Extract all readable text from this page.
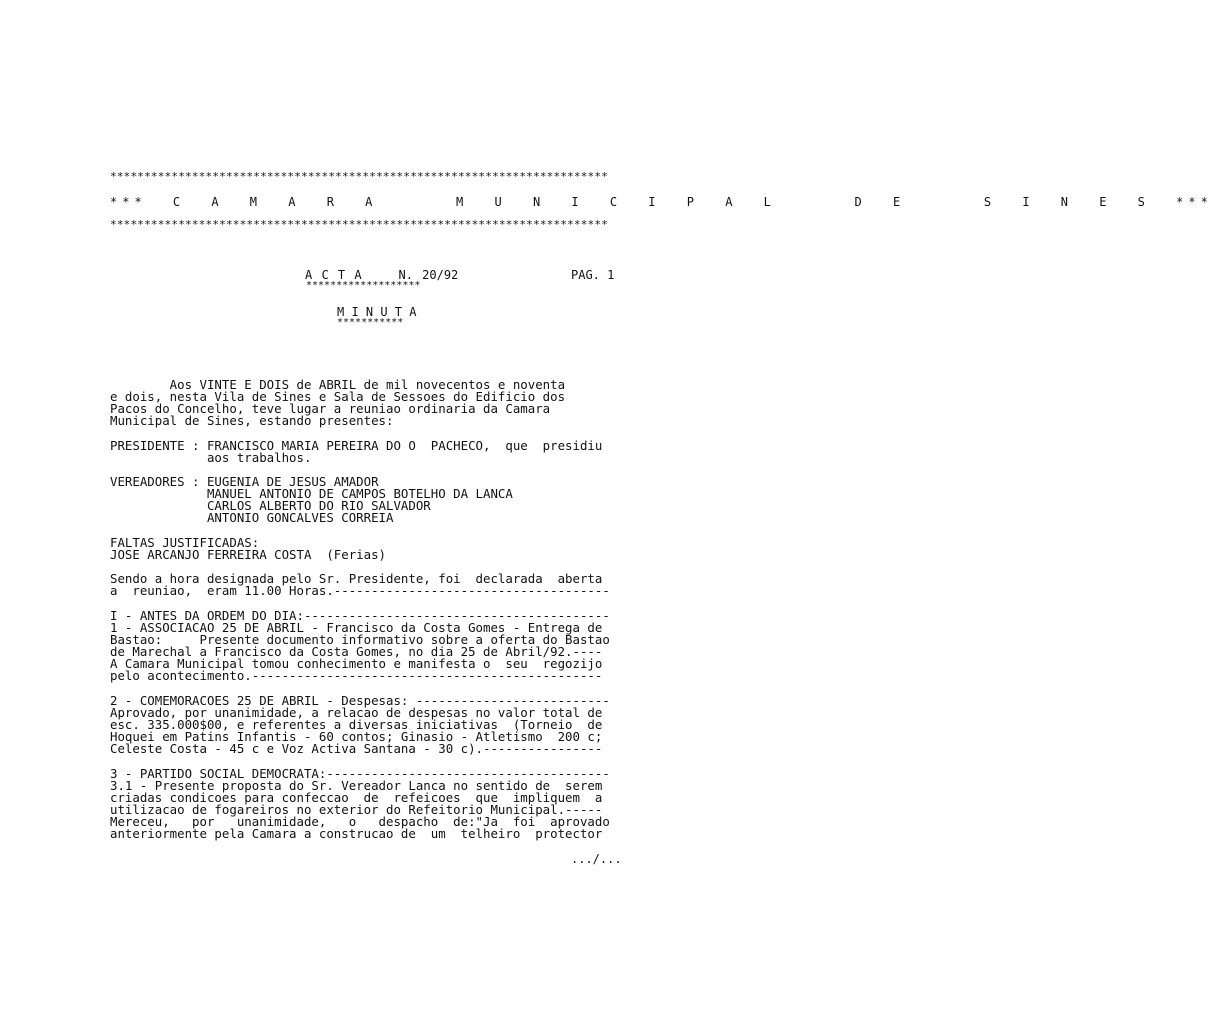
*************************************************************************
*** C A M A R A   M U N I C I P A L   D E   S I N E S ***
*************************************************************************
A C T A    N. 20/92
*******************
PAG. 1
M I N U T A
***********
Aos VINTE E DOIS de ABRIL de mil novecentos e noventa
e dois, nesta Vila de Sines e Sala de Sessoes do Edificio dos
Pacos do Concelho, teve lugar a reuniao ordinaria da Camara
Municipal de Sines, estando presentes:
PRESIDENTE : FRANCISCO MARIA PEREIRA DO O  PACHECO,  que  presidiu
aos trabalhos.
VEREADORES : EUGENIA DE JESUS AMADOR
MANUEL ANTONIO DE CAMPOS BOTELHO DA LANCA
CARLOS ALBERTO DO RIO SALVADOR
ANTONIO GONCALVES CORREIA
FALTAS JUSTIFICADAS:
JOSE ARCANJO FERREIRA COSTA  (Ferias)
Sendo a hora designada pelo Sr. Presidente, foi  declarada  aberta
a  reuniao,  eram 11.00 Horas.-------------------------------------
I - ANTES DA ORDEM DO DIA:-----------------------------------------
1 - ASSOCIACAO 25 DE ABRIL - Francisco da Costa Gomes - Entrega de
Bastao:     Presente documento informativo sobre a oferta do Bastao
de Marechal a Francisco da Costa Gomes, no dia 25 de Abril/92.----
A Camara Municipal tomou conhecimento e manifesta o  seu  regozijo
pelo acontecimento.-----------------------------------------------
2 - COMEMORACOES 25 DE ABRIL - Despesas: --------------------------
Aprovado, por unanimidade, a relacao de despesas no valor total de
esc. 335.000$00, e referentes a diversas iniciativas  (Torneio  de
Hoquei em Patins Infantis - 60 contos; Ginasio - Atletismo  200 c;
Celeste Costa - 45 c e Voz Activa Santana - 30 c).----------------
3 - PARTIDO SOCIAL DEMOCRATA:--------------------------------------
3.1 - Presente proposta do Sr. Vereador Lanca no sentido de  serem
criadas condicoes para confeccao  de  refeicoes  que  impliquem  a
utilizacao de fogareiros no exterior do Refeitorio Municipal.-----
Mereceu,   por   unanimidade,   o   despacho  de:"Ja  foi  aprovado
anteriormente pela Camara a construcao de  um  telheiro  protector
.../...
